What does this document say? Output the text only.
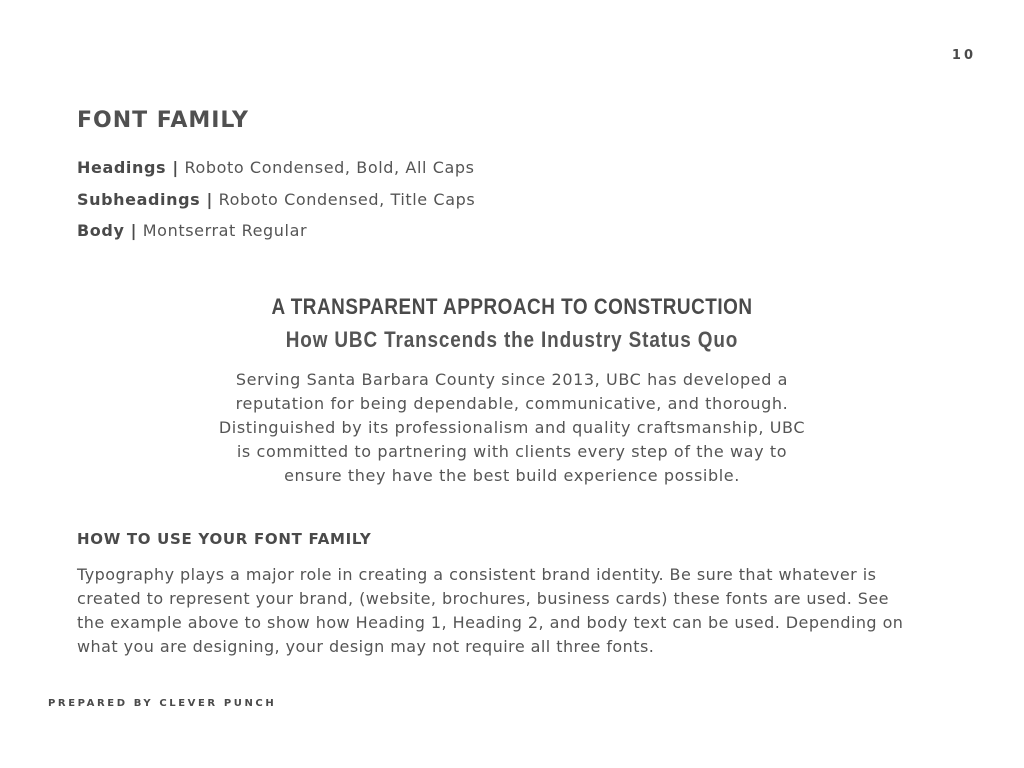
10
FONT FAMILY
Headings | Roboto Condensed, Bold, All Caps
Subheadings | Roboto Condensed, Title Caps
Body | Montserrat Regular
A TRANSPARENT APPROACH TO CONSTRUCTION
How UBC Transcends the Industry Status Quo

Serving Santa Barbara County since 2013, UBC has developed a
reputation for being dependable, communicative, and thorough.
Distinguished by its professionalism and quality craftsmanship, UBC
is committed to partnering with clients every step of the way to
ensure they have the best build experience possible.

HOW TO USE YOUR FONT FAMILY

Typography plays a major role in creating a consistent brand identity. Be sure that whatever is
created to represent your brand, (website, brochures, business cards) these fonts are used. See
the example above to show how Heading 1, Heading 2, and body text can be used. Depending on
what you are designing, your design may not require all three fonts.

PREPARED BY CLEVER PUNCH
